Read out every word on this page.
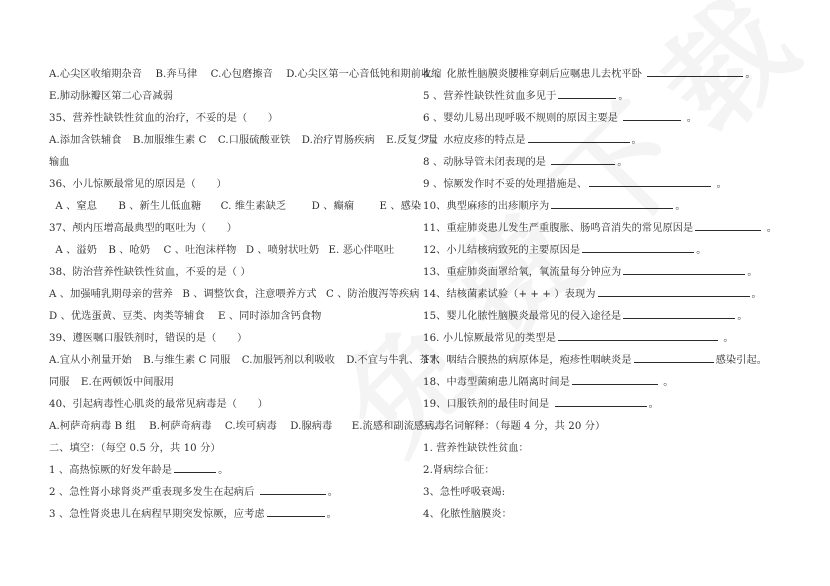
A.心尖区收缩期杂音 B.奔马律 C.心包磨擦音 D.心尖区第一心音低钝和期前收缩
E.肺动脉瓣区第二心音减弱
35、营养性缺铁性贫血的治疗，不妥的是（　　）
A.添加含铁辅食 B.加服维生素 C C.口服硫酸亚铁 D.治疗胃肠疾病 E.反复少量
输血
36、小儿惊厥最常见的原因是（　　）
A 、窒息 B 、新生儿低血糖 C. 维生素缺乏 D 、癫痫 E 、感染
37、颅内压增高最典型的呕吐为（　　）
A 、溢奶 B 、呛奶 C 、吐泡沫样物 D 、喷射状吐奶 E. 恶心伴呕吐
38、防治营养性缺铁性贫血，不妥的是（ ）
A 、加强哺乳期母亲的营养 B 、调整饮食，注意喂养方式 C 、防治腹泻等疾病
D 、优选蛋黄、豆类、肉类等辅食 E 、同时添加含钙食物
39、遵医嘱口服铁剂时，错误的是（　　）
A.宜从小剂量开始 B.与维生素 C 同服 C.加服钙剂以利吸收 D.不宜与牛乳、茶水
同服 E.在两顿饭中间服用
40、引起病毒性心肌炎的最常见病毒是（　　）
A.柯萨奇病毒 B 组 B.柯萨奇病毒 C.埃可病毒 D.腺病毒 E.流感和副流感病毒
二、填空：（每空 0.5 分，共 10 分）
1 、高热惊厥的好发年龄是	。
2 、急性肾小球肾炎严重表现多发生在起病后	。
3 、急性肾炎患儿在病程早期突发惊厥，应考虑	。
4. 、化脓性脑膜炎腰椎穿刺后应嘱患儿去枕平卧	。
5 、营养性缺铁性贫血多见于	。
6 、婴幼儿易出现呼吸不规则的原因主要是	。
7 、水痘皮疹的特点是	。
8 、动脉导管未闭表现的是	。
9 、惊厥发作时不妥的处理措施是、	。
10、典型麻疹的出疹顺序为	。
11、重症肺炎患儿发生严重腹胀、肠鸣音消失的常见原因是	。
12、小儿结核病致死的主要原因是	。
13、重症肺炎面罩给氧，氧流量每分钟应为	。
14、结核菌素试验（+ + + ）表现为	。
15、婴儿化脓性脑膜炎最常见的侵入途径是	。
16. 小儿惊厥最常见的类型是	。
17、咽结合膜热的病原体是，疱疹性咽峡炎是	感染引起。
18、中毒型菌痢患儿隔离时间是	。
19、口服铁剂的最佳时间是	。
三、名词解释：（每题 4 分，共 20 分）
1. 营养性缺铁性贫血：
2.肾病综合征：
3、急性呼吸衰竭:
4、化脓性脑膜炎：
